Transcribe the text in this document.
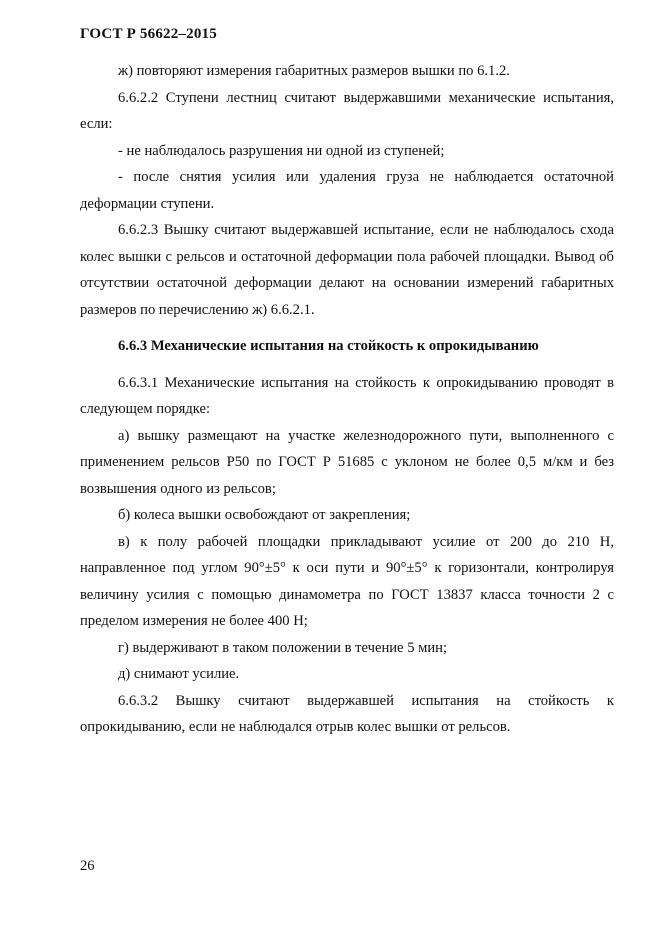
ГОСТ Р 56622–2015

ж) повторяют измерения габаритных размеров вышки по 6.1.2.

6.6.2.2 Ступени лестниц считают выдержавшими механические испытания, если:

- не наблюдалось разрушения ни одной из ступеней;

- после снятия усилия или удаления груза не наблюдается остаточной деформации ступени.

6.6.2.3 Вышку считают выдержавшей испытание, если не наблюдалось схода колес вышки с рельсов и остаточной деформации пола рабочей площадки. Вывод об отсутствии остаточной деформации делают на основании измерений габаритных размеров по перечислению ж) 6.6.2.1.

6.6.3 Механические испытания на стойкость к опрокидыванию

6.6.3.1 Механические испытания на стойкость к опрокидыванию проводят в следующем порядке:

а) вышку размещают на участке железнодорожного пути, выполненного с применением рельсов Р50 по ГОСТ Р 51685 с уклоном не более 0,5 м/км и без возвышения одного из рельсов;

б) колеса вышки освобождают от закрепления;

в) к полу рабочей площадки прикладывают усилие от 200 до 210 Н, направленное под углом 90°±5° к оси пути и 90°±5° к горизонтали, контролируя величину усилия с помощью динамометра по ГОСТ 13837 класса точности 2 с пределом измерения не более 400 Н;

г) выдерживают в таком положении в течение 5 мин;

д) снимают усилие.

6.6.3.2 Вышку считают выдержавшей испытания на стойкость к опрокидыванию, если не наблюдался отрыв колес вышки от рельсов.

26
